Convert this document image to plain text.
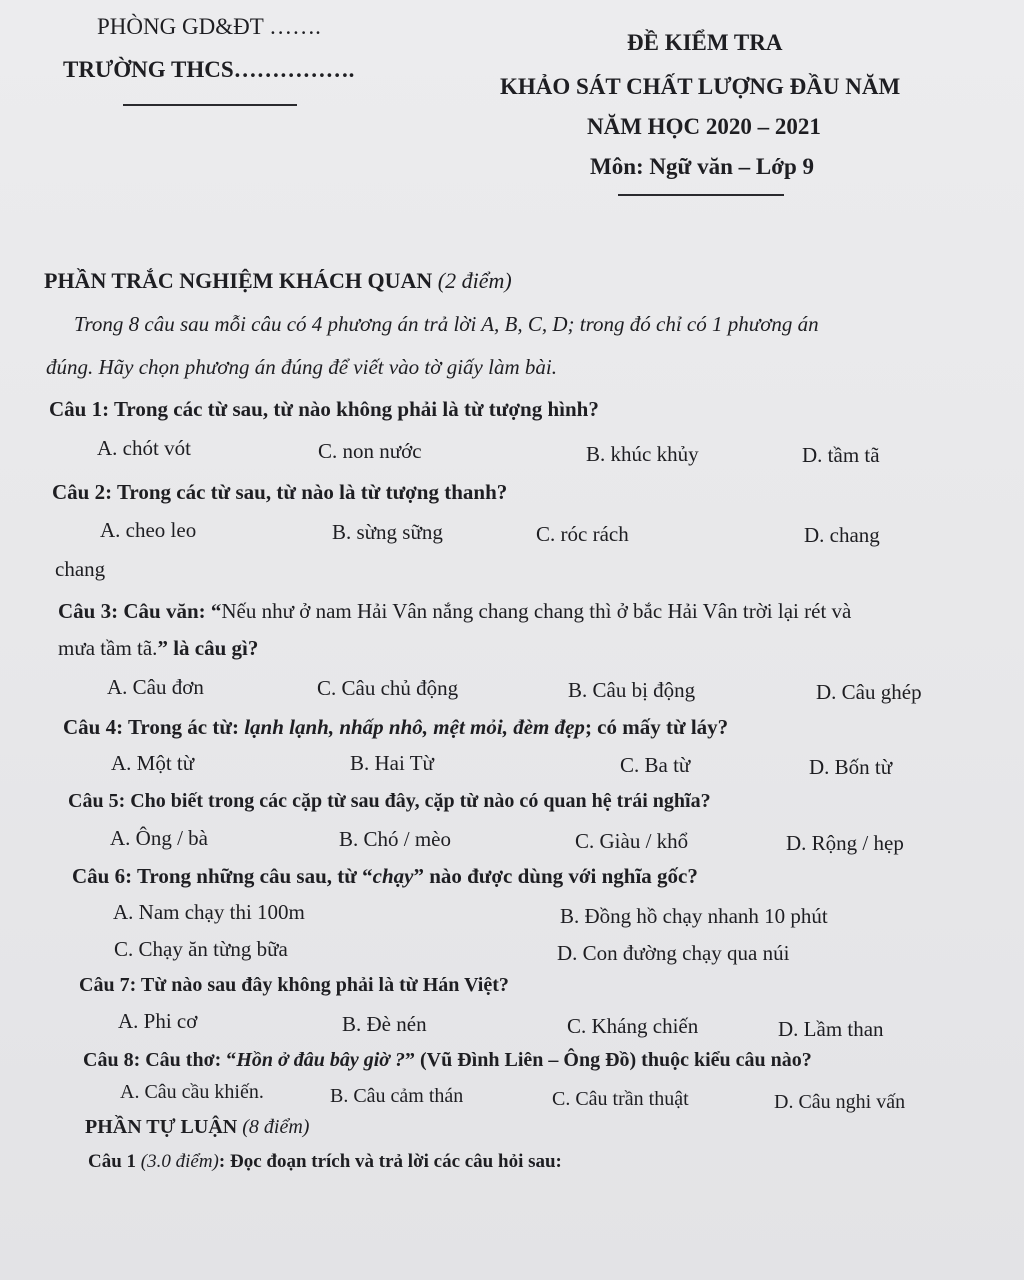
PHÒNG GD&ĐT …….
TRƯỜNG THCS…………….
ĐỀ KIỂM TRA
KHẢO SÁT CHẤT LƯỢNG ĐẦU NĂM
NĂM HỌC 2020 – 2021
Môn: Ngữ văn – Lớp 9
PHẦN TRẮC NGHIỆM KHÁCH QUAN (2 điểm)
Trong 8 câu sau mỗi câu có 4 phương án trả lời A, B, C, D; trong đó chỉ có 1 phương án
đúng. Hãy chọn phương án đúng để viết vào tờ giấy làm bài.
Câu 1: Trong các từ sau, từ nào không phải là từ tượng hình?
A. chót vót	C. non nước	B. khúc khủy	D. tầm tã
Câu 2: Trong các từ sau, từ nào là từ tượng thanh?
A. cheo leo	B. sừng sững	C. róc rách	D. chang
chang
Câu 3: Câu văn: “Nếu như ở nam Hải Vân nắng chang chang thì ở bắc Hải Vân trời lại rét và
mưa tầm tã.” là câu gì?
A. Câu đơn	C. Câu chủ động	B. Câu bị động	D. Câu ghép
Câu 4: Trong ác từ: lạnh lạnh, nhấp nhô, mệt mỏi, đèm đẹp; có mấy từ láy?
A. Một từ	B. Hai Từ	C. Ba từ	D. Bốn từ
Câu 5: Cho biết trong các cặp từ sau đây, cặp từ nào có quan hệ trái nghĩa?
A. Ông / bà	B. Chó / mèo	C. Giàu / khổ	D. Rộng / hẹp
Câu 6: Trong những câu sau, từ “chạy” nào được dùng với nghĩa gốc?
A. Nam chạy thi 100m	B. Đồng hồ chạy nhanh 10 phút
C. Chạy ăn từng bữa	D. Con đường chạy qua núi
Câu 7: Từ nào sau đây không phải là từ Hán Việt?
A. Phi cơ	B. Đè nén	C. Kháng chiến	D. Lầm than
Câu 8: Câu thơ: “Hồn ở đâu bây giờ ?” (Vũ Đình Liên – Ông Đồ) thuộc kiểu câu nào?
A. Câu cầu khiến.	B. Câu cảm thán	C. Câu trần thuật	D. Câu nghi vấn
PHẦN TỰ LUẬN (8 điểm)
Câu 1 (3.0 điểm): Đọc đoạn trích và trả lời các câu hỏi sau:
